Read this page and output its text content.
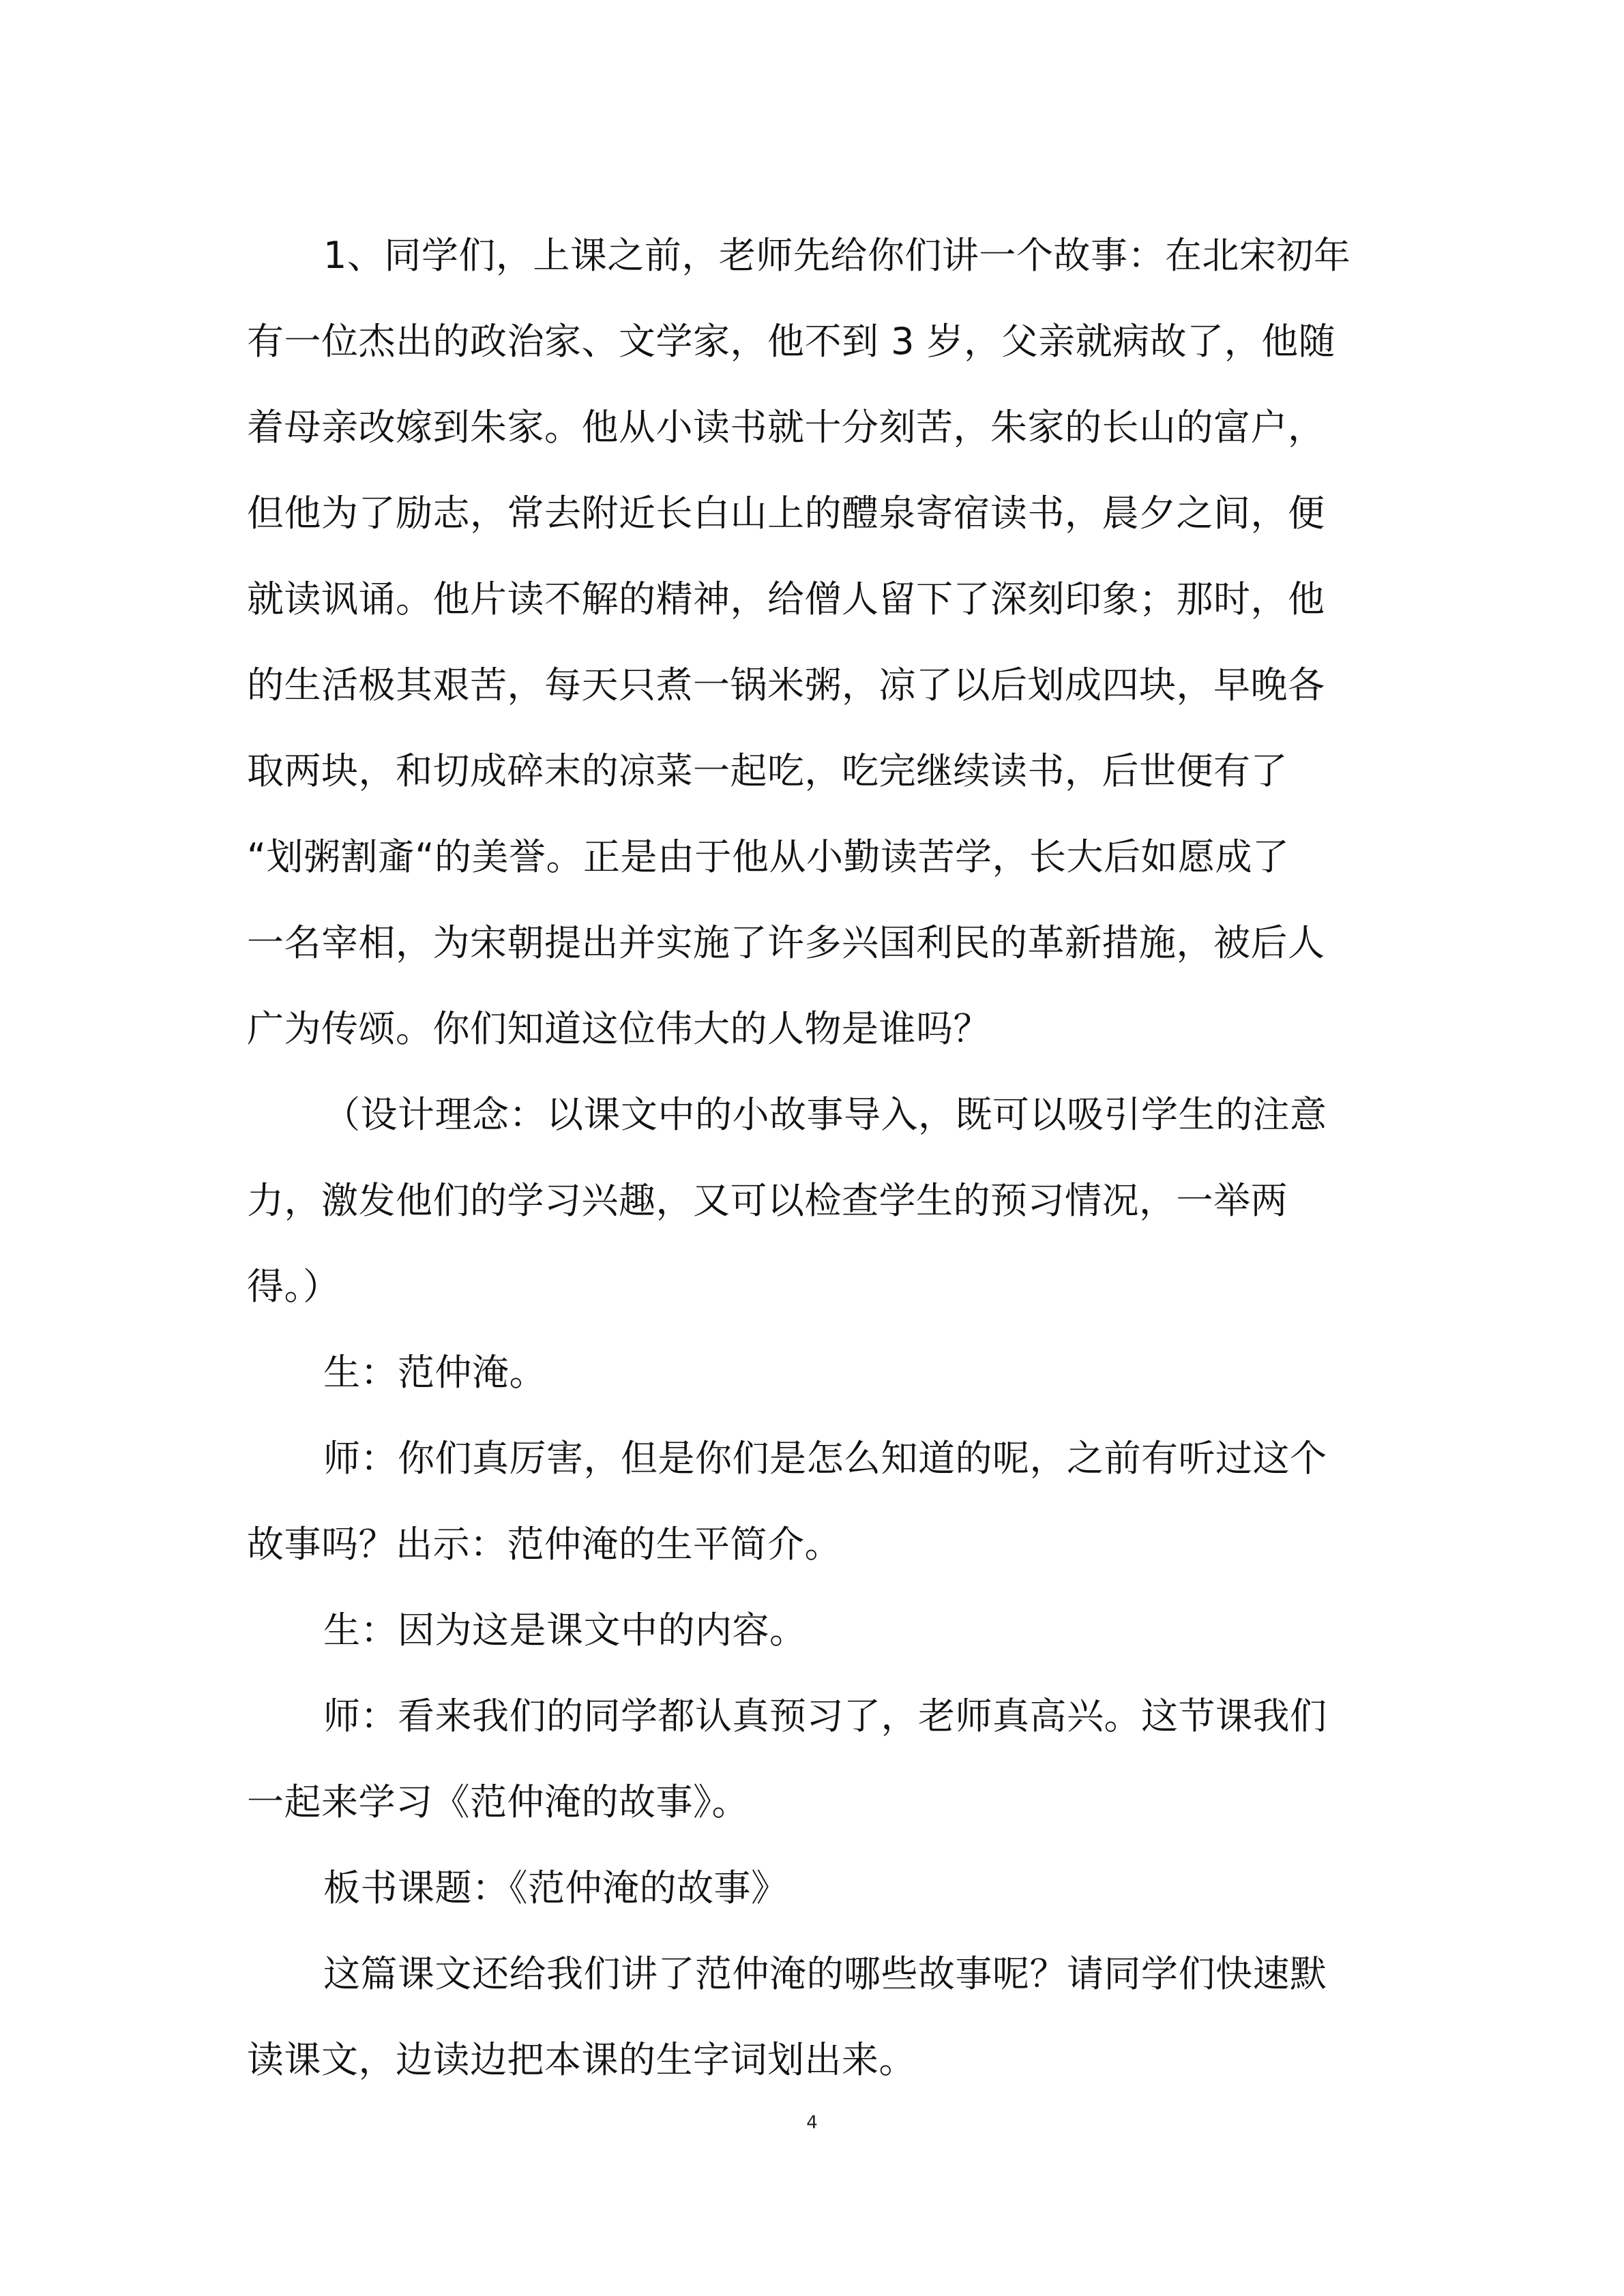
1、同学们，上课之前，老师先给你们讲一个故事：在北宋初年
有一位杰出的政治家、文学家，他不到 3 岁，父亲就病故了，他随
着母亲改嫁到朱家。他从小读书就十分刻苦，朱家的长山的富户，
但他为了励志，常去附近长白山上的醴泉寄宿读书，晨夕之间，便
就读讽诵。他片读不解的精神，给僧人留下了深刻印象；那时，他
的生活极其艰苦，每天只煮一锅米粥，凉了以后划成四块，早晚各
取两块，和切成碎末的凉菜一起吃，吃完继续读书，后世便有了
“划粥割齑“的美誉。正是由于他从小勤读苦学，长大后如愿成了
一名宰相，为宋朝提出并实施了许多兴国利民的革新措施，被后人
广为传颂。你们知道这位伟大的人物是谁吗？
（设计理念：以课文中的小故事导入，既可以吸引学生的注意
力，激发他们的学习兴趣，又可以检查学生的预习情况，一举两
得。）
生：范仲淹。
师：你们真厉害，但是你们是怎么知道的呢，之前有听过这个
故事吗？出示：范仲淹的生平简介。
生：因为这是课文中的内容。
师：看来我们的同学都认真预习了，老师真高兴。这节课我们
一起来学习《范仲淹的故事》。
板书课题：《范仲淹的故事》
这篇课文还给我们讲了范仲淹的哪些故事呢？请同学们快速默
读课文，边读边把本课的生字词划出来。
4
